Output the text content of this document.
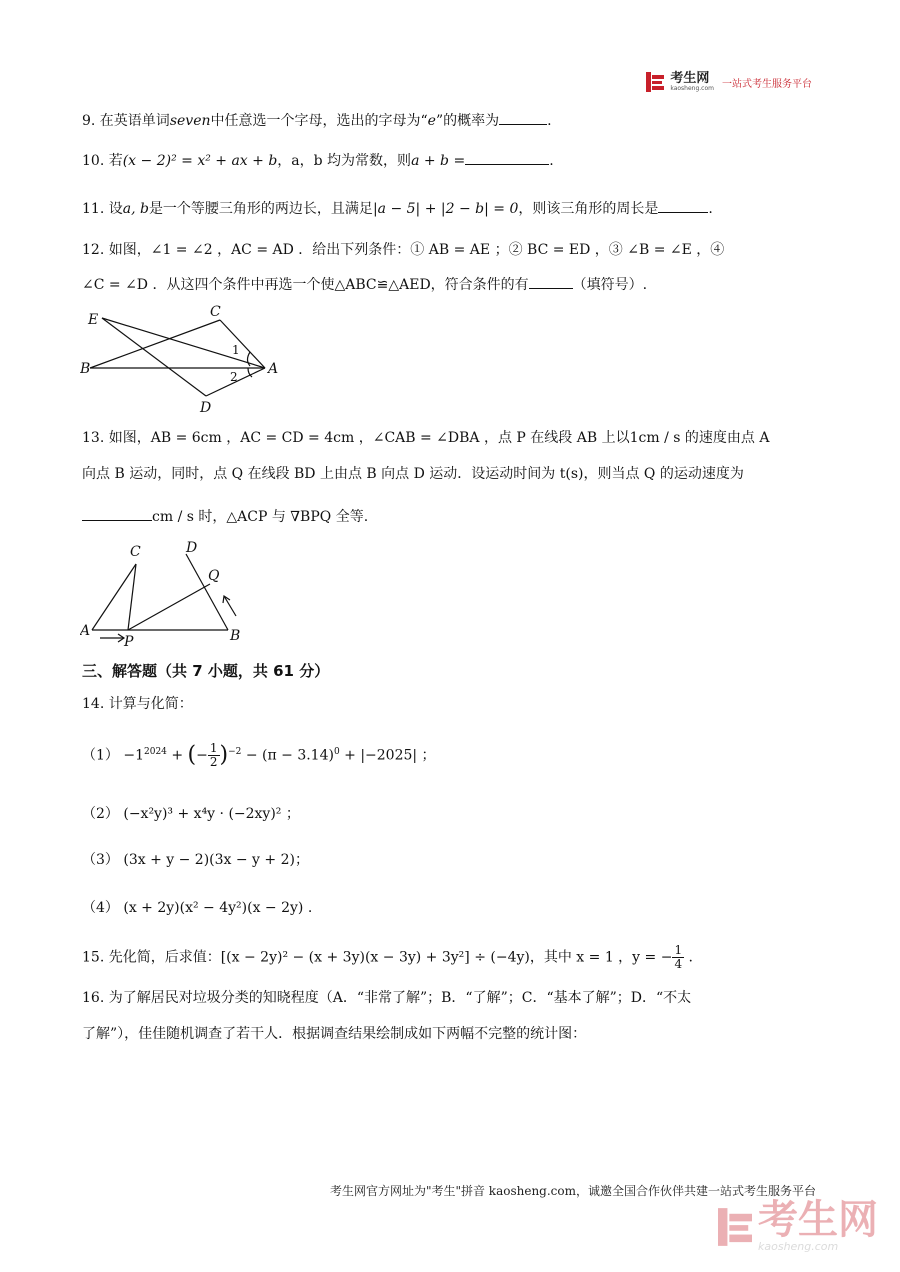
考生网
kaosheng.com 一站式考生服务平台
9. 在英语单词seven中任意选一个字母，选出的字母为“e”的概率为	.
10. 若(x − 2)² = x² + ax + b，a，b 均为常数，则a + b =	.
11. 设a, b是一个等腰三角形的两边长，且满足|a − 5| + |2 − b| = 0，则该三角形的周长是	.
12. 如图，∠1 = ∠2 ，AC = AD ．给出下列条件：① AB = AE ；② BC = ED ，③ ∠B = ∠E ，④
∠C = ∠D ．从这四个条件中再选一个使△ABC≌△AED，符合条件的有	（填符号）.
E	C
B	A
D
1
2
13. 如图，AB = 6cm ，AC = CD = 4cm ，∠CAB = ∠DBA ，点 P 在线段 AB 上以1cm / s 的速度由点 A
向点 B 运动，同时，点 Q 在线段 BD 上由点 B 向点 D 运动．设运动时间为 t(s)，则当点 Q 的运动速度为
cm / s 时，△ACP 与 ∇BPQ 全等.
C	D
Q
A
P	B
三、解答题（共 7 小题，共 61 分）
14. 计算与化简：
$(1) -1^{2024}$ + (− $\frac{1}{2} )^{-2} - (\pi - 3.14)^0 + |-2025|$ ；
（2） (−x²y)³ + x⁴y · (−2xy)² ；
（3） (3x + y − 2)(3x − y + 2)；
（4） (x + 2y)(x² − 4y²)(x − 2y) .
15. 先化简，后求值：[(x − 2y)² − (x + 3y)(x − 3y) + 3y²] ÷ (−4y)，其中 x = 1 ，y = − $\frac{1}{4}$ .
16. 为了解居民对垃圾分类的知晓程度（A．“非常了解”；B．“了解”；C．“基本了解”；D．“不太
了解”），佳佳随机调查了若干人．根据调查结果绘制成如下两幅不完整的统计图：
考生网官方网址为"考生"拼音 kaosheng.com，诚邀全国合作伙伴共建一站式考生服务平台
考生网
kaosheng.com
